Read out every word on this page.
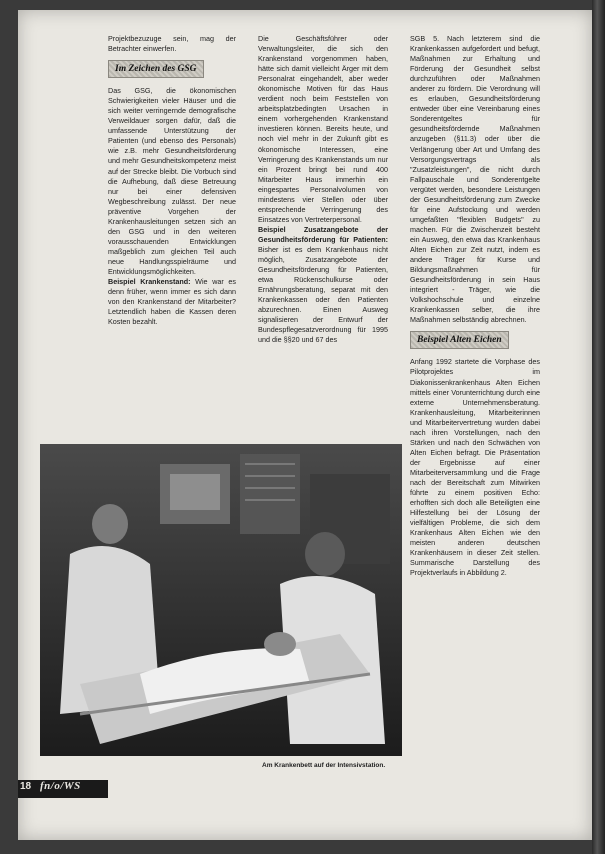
Projektbezuzuge sein, mag der Betrachter einwerfen.

Im Zeichen des GSG

Das GSG, die ökonomischen Schwierigkeiten vieler Häuser und die sich weiter verringernde demografische Verweildauer sorgen dafür, daß die umfassende Unterstützung der Patienten (und ebenso des Personals) wie z.B. mehr Gesundheitsförderung und mehr Gesundheitskompetenz meist auf der Strecke bleibt. Die Vorbuch sind die Aufhebung, daß diese Betreuung nur bei einer defensiven Wegbeschreibung zulässt. Der neue präventive Vorgehen der Krankenhausleitungen setzen sich an den GSG und in den weiteren vorausschauenden Entwicklungen maßgeblich zum gleichen Teil auch neue Handlungsspielräume und Entwicklungsmöglichkeiten.

Beispiel Krankenstand: Wie war es denn früher, wenn immer es sich dann von den Krankenstand der Mitarbeiter? Letztendlich haben die Kassen deren Kosten bezahlt.

Die Geschäftsführer oder Verwaltungsleiter, die sich den Krankenstand vorgenommen haben, hätte sich damit vielleicht Ärger mit dem Personalrat eingehandelt, aber weder ökonomische Motiven für das Haus verdient noch beim Feststellen von arbeitsplatzbedingten Ursachen in einem vorhergehenden Krankenstand investieren können. Bereits heute, und noch viel mehr in der Zukunft gibt es ökonomische Interessen, eine Verringerung des Krankenstands um nur ein Prozent bringt bei rund 400 Mitarbeiter Haus immerhin ein eingespartes Personalvolumen von mindestens vier Stellen oder über entsprechende Verringerung des Einsatzes von Vertreterpersonal.

Beispiel Zusatzangebote der Gesundheitsförderung für Patienten: Bisher ist es dem Krankenhaus nicht möglich, Zusatzangebote der Gesundheitsförderung für Patienten, etwa Rückenschulkurse oder Ernährungsberatung, separat mit den Krankenkassen oder den Patienten abzurechnen. Einen Ausweg signalisieren der Entwurf der Bundespflegesatzverordnung für 1995 und die §§20 und 67 des

SGB 5. Nach letzterem sind die Krankenkassen aufgefordert und befugt, Maßnahmen zur Erhaltung und Förderung der Gesundheit selbst durchzuführen oder Maßnahmen anderer zu fördern. Die Verordnung will es erlauben, Gesundheitsförderung entweder über eine Vereinbarung eines Sonderentgeltes für gesundheitsfördernde Maßnahmen anzugeben (§11.3) oder über die Verlängerung über Art und Umfang des Versorgungsvertrags als "Zusatzleistungen", die nicht durch Fallpauschale und Sonderentgelte vergütet werden, besondere Leistungen der Gesundheitsförderung zum Zwecke für eine Aufstockung und werden umgefaßten "flexiblen Budgets" zu machen. Für die Zwischenzeit besteht ein Ausweg, den etwa das Krankenhaus Alten Eichen zur Zeit nutzt, indem es andere Träger für Kurse und Bildungsmaßnahmen für Gesundheitsförderung in sein Haus integriert - Träger, wie die Volkshochschule und einzelne Krankenkassen selber, die ihre Maßnahmen selbständig abrechnen.

Beispiel Alten Eichen

Anfang 1992 startete die Vorphase des Pilotprojektes im Diakonissenkrankenhaus Alten Eichen mittels einer Vorunterrichtung durch eine externe Unternehmensberatung. Krankenhausleitung, Mitarbeiterinnen und Mitarbeitervertretung wurden dabei nach ihren Vorstellungen, nach den Stärken und nach den Schwächen von Alten Eichen befragt. Die Präsentation der Ergebnisse auf einer Mitarbeiterversammlung und die Frage nach der Bereitschaft zum Mitwirken führte zu einem positiven Echo: erhofften sich doch alle Beteiligten eine Hilfestellung bei der Lösung der vielfältigen Probleme, die sich dem Krankenhaus Alten Eichen wie den meisten anderen deutschen Krankenhäusern in dieser Zeit stellen. Summarische Darstellung des Projektverlaufs in Abbildung 2.

Am Krankenbett auf der Intensivstation.
18 fn/o/WS
